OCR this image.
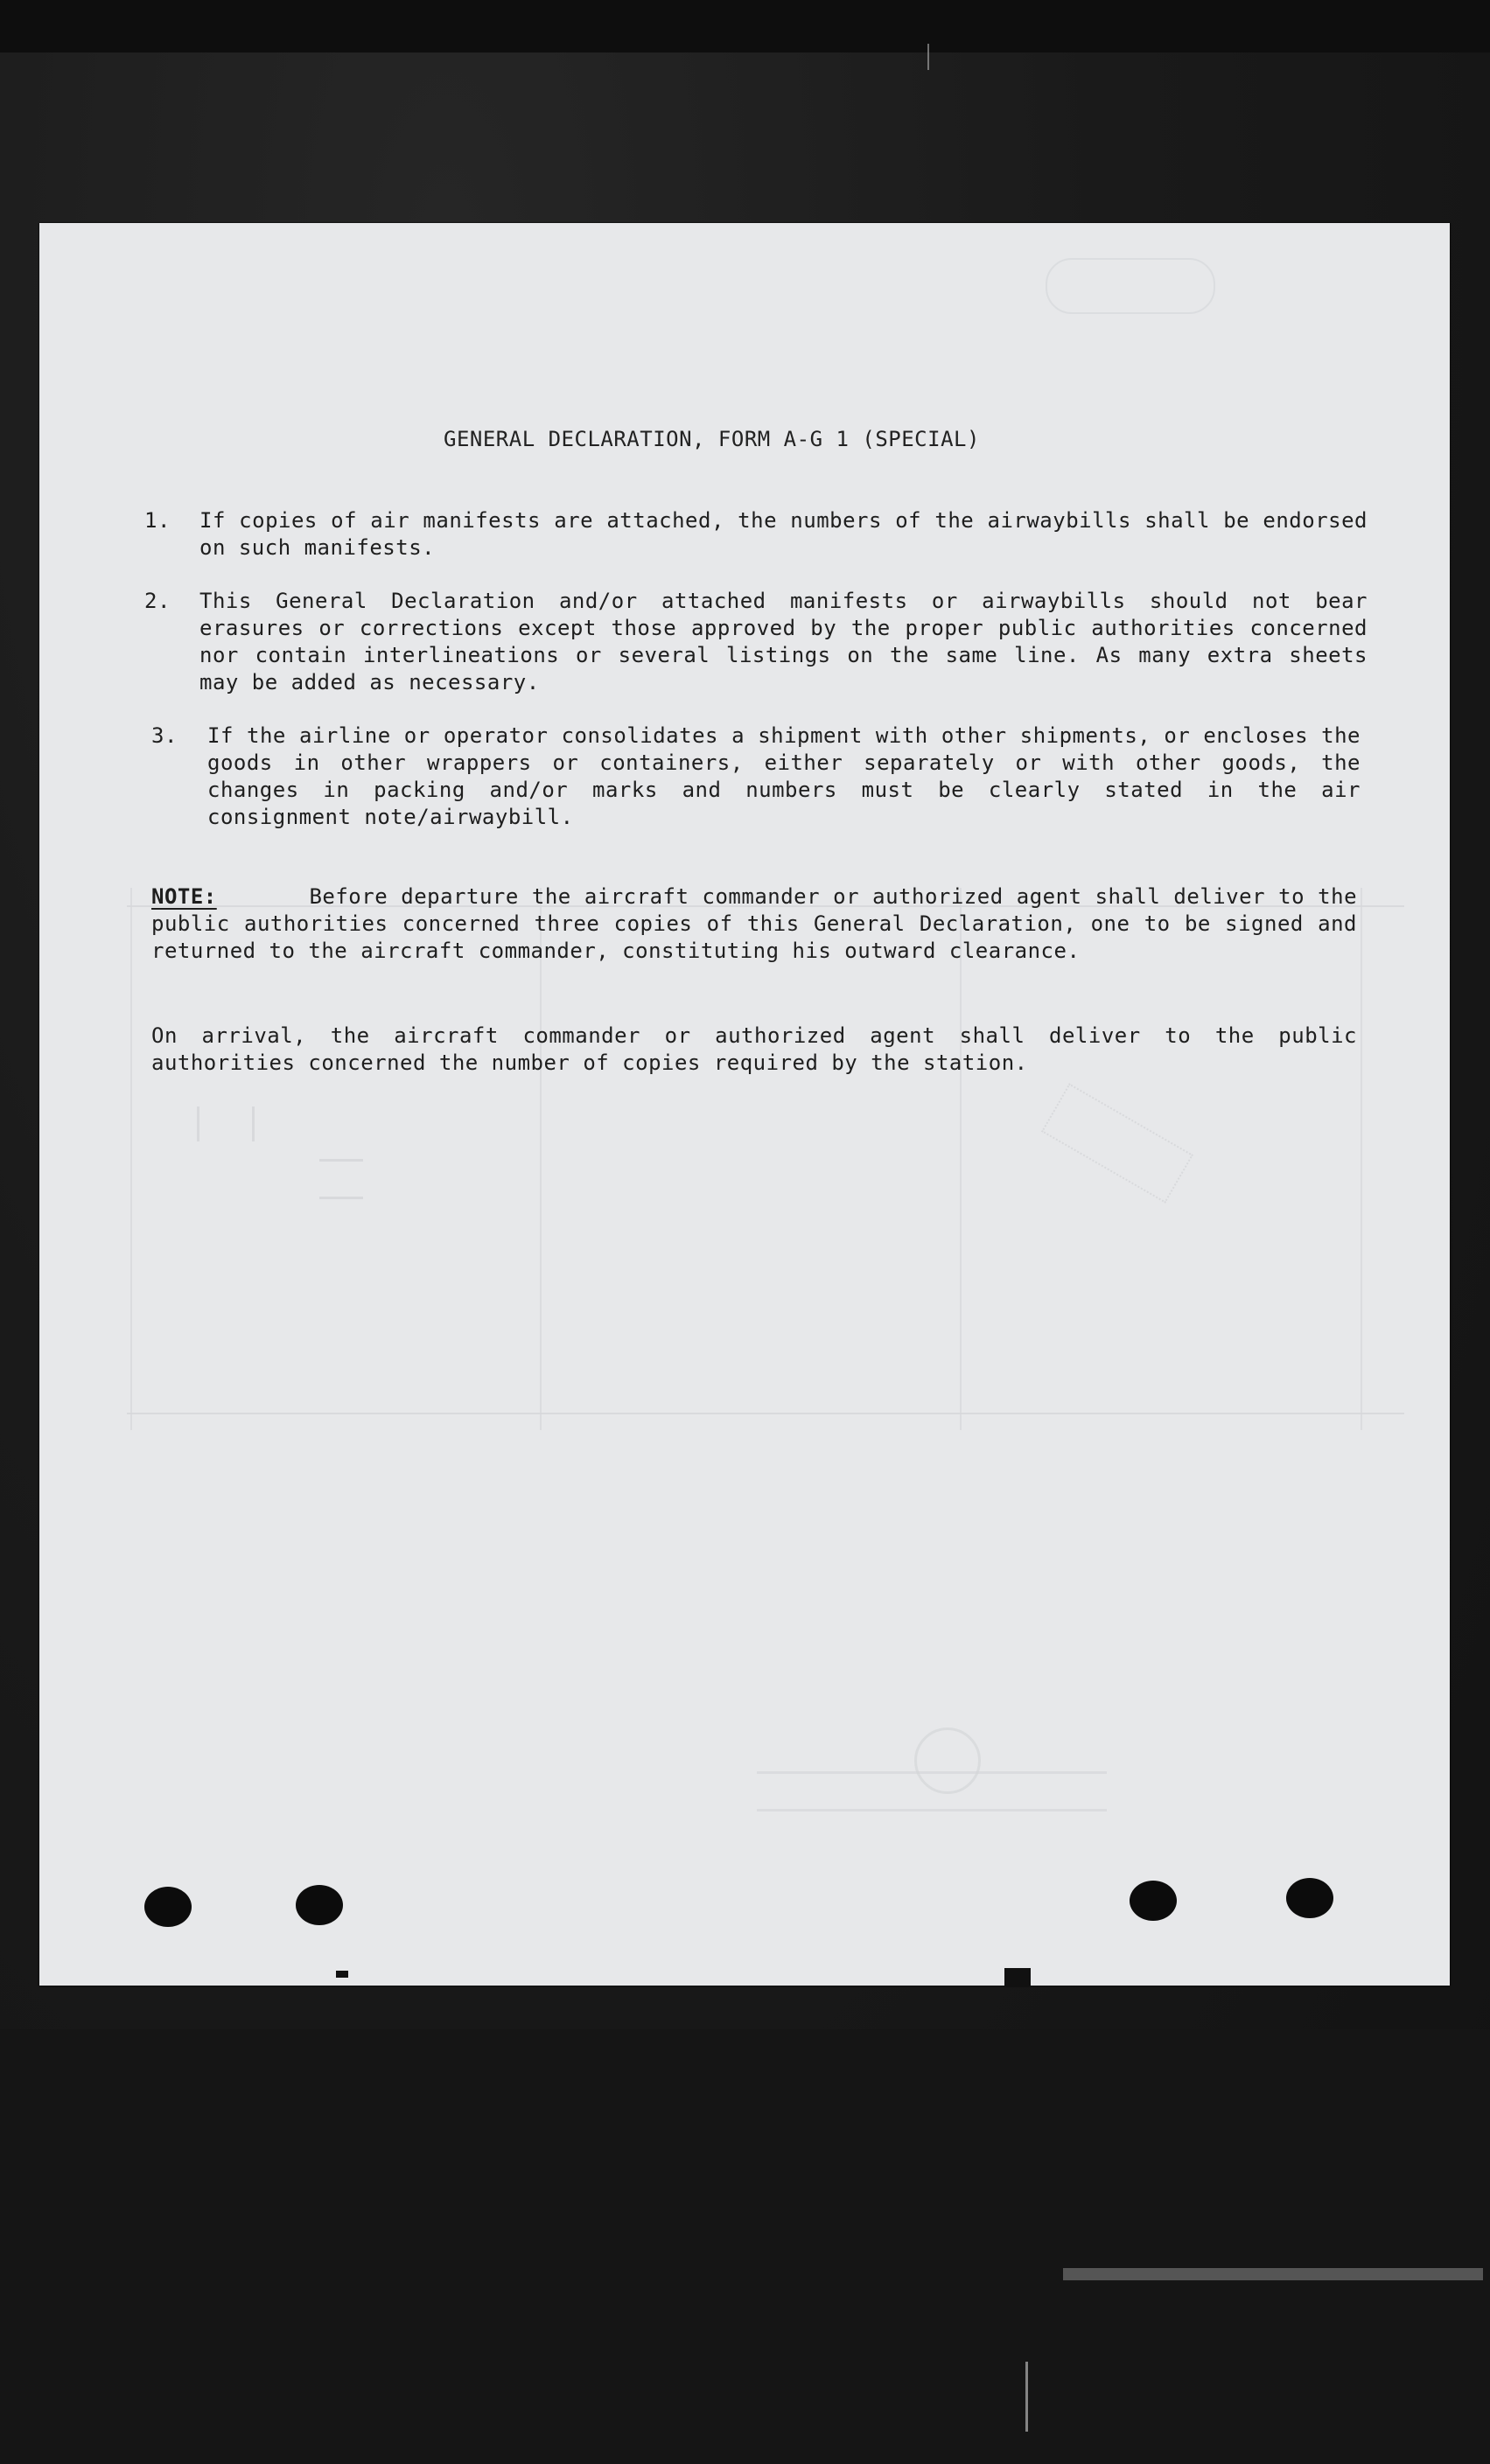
GENERAL DECLARATION, FORM A-G 1 (SPECIAL)
1. If copies of air manifests are attached, the numbers of the airwaybills shall be endorsed on such manifests.
2. This General Declaration and/or attached manifests or airwaybills should not bear erasures or corrections except those approved by the proper public authorities concerned nor contain interlineations or several listings on the same line. As many extra sheets may be added as necessary.
3. If the airline or operator consolidates a shipment with other shipments, or encloses the goods in other wrappers or containers, either separately or with other goods, the changes in packing and/or marks and numbers must be clearly stated in the air consignment note/airwaybill.
NOTE:	Before departure the aircraft commander or authorized agent shall deliver to the public authorities concerned three copies of this General Declaration, one to be signed and returned to the aircraft commander, constituting his outward clearance.
On arrival, the aircraft commander or authorized agent shall deliver to the public authorities concerned the number of copies required by the station.
